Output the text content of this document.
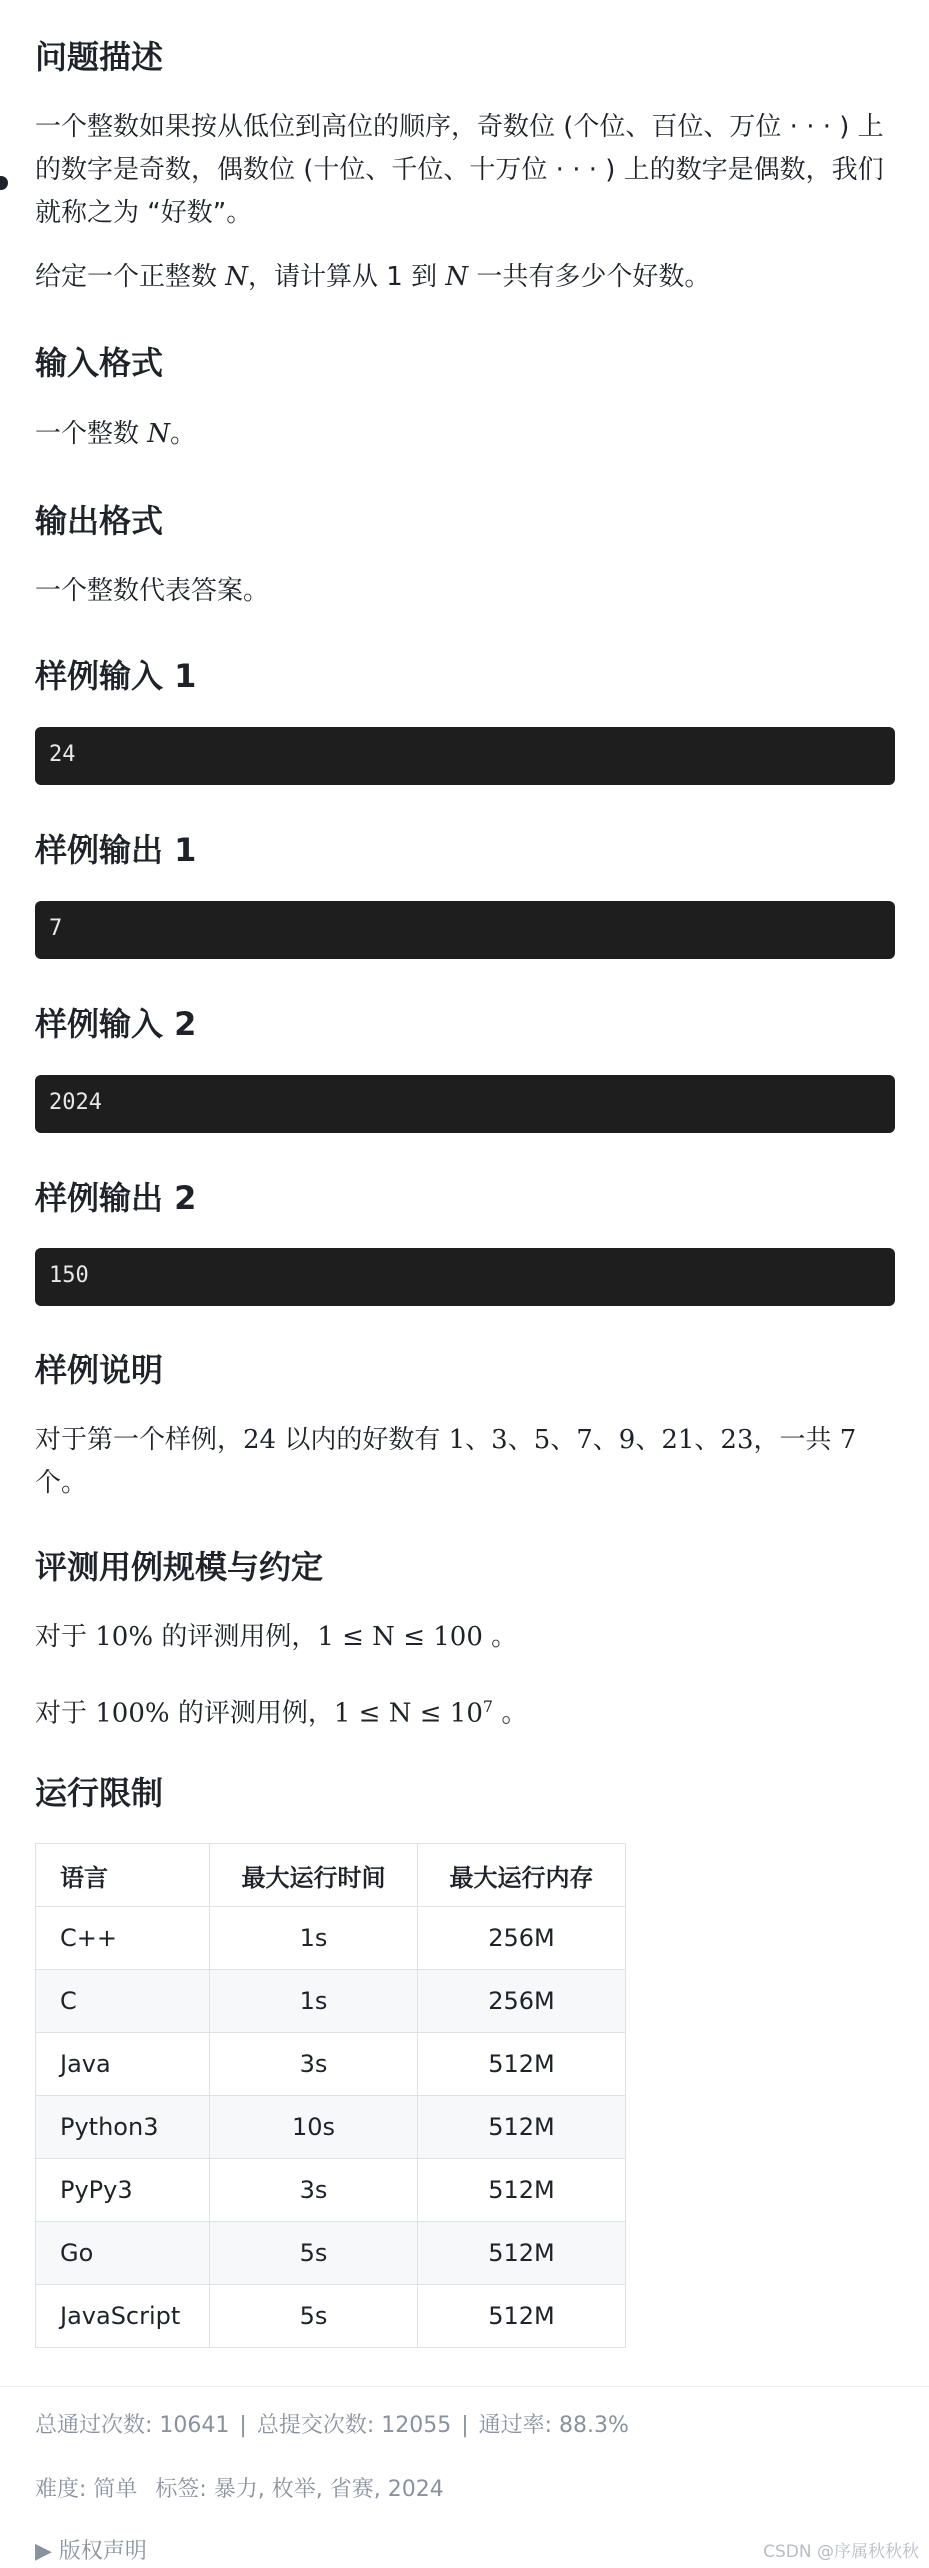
问题描述

一个整数如果按从低位到高位的顺序，奇数位 (个位、百位、万位 · · · ) 上

的数字是奇数，偶数位 (十位、千位、十万位 · · · ) 上的数字是偶数，我们

就称之为 “好数”。

给定一个正整数 N，请计算从 1 到 N 一共有多少个好数。

输入格式

一个整数 N。

输出格式

一个整数代表答案。

样例输入 1
24
样例输出 1
7
样例输入 2
2024
样例输出 2
150
样例说明

对于第一个样例，24 以内的好数有 1、3、5、7、9、21、23，一共 7

个。

评测用例规模与约定

对于 10% 的评测用例，1 ≤ N ≤ 100 。

对于 100% 的评测用例，$1 \le N \le 10^7$ 。

运行限制
语言	最大运行时间	最大运行内存
C++	1s	256M
C	1s	256M
Java	3s	512M
Python3	10s	512M
PyPy3	3s	512M
Go	5s	512M
JavaScript	5s	512M
总通过次数: 10641 | 总提交次数: 12055 | 通过率: 88.3%
难度: 简单 标签: 暴力, 枚举, 省赛, 2024
▶ 版权声明	CSDN @序属秋秋秋
